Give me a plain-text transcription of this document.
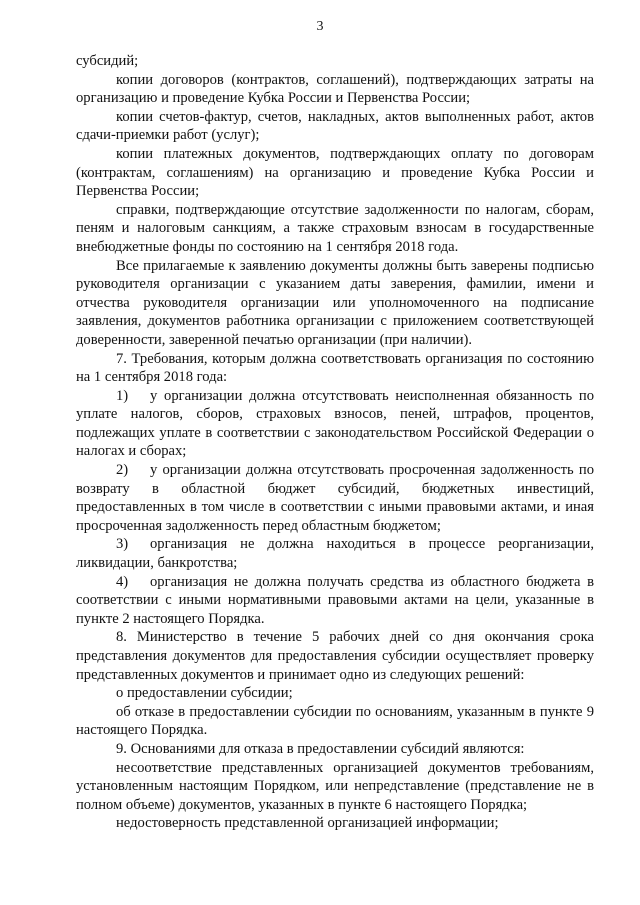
3

субсидий;

копии договоров (контрактов, соглашений), подтверждающих затраты на организацию и проведение Кубка России и Первенства России;

копии счетов-фактур, счетов, накладных, актов выполненных работ, актов сдачи-приемки работ (услуг);

копии платежных документов, подтверждающих оплату по договорам (контрактам, соглашениям) на организацию и проведение Кубка России и Первенства России;

справки, подтверждающие отсутствие задолженности по налогам, сборам, пеням и налоговым санкциям, а также страховым взносам в государственные внебюджетные фонды по состоянию на 1 сентября 2018 года.

Все прилагаемые к заявлению документы должны быть заверены подписью руководителя организации с указанием даты заверения, фамилии, имени и отчества руководителя организации или уполномоченного на подписание заявления, документов работника организации с приложением соответствующей доверенности, заверенной печатью организации (при наличии).

7. Требования, которым должна соответствовать организация по состоянию на 1 сентября 2018 года:

1) у организации должна отсутствовать неисполненная обязанность по уплате налогов, сборов, страховых взносов, пеней, штрафов, процентов, подлежащих уплате в соответствии с законодательством Российской Федерации о налогах и сборах;

2) у организации должна отсутствовать просроченная задолженность по возврату в областной бюджет субсидий, бюджетных инвестиций, предоставленных в том числе в соответствии с иными правовыми актами, и иная просроченная задолженность перед областным бюджетом;

3) организация не должна находиться в процессе реорганизации, ликвидации, банкротства;

4) организация не должна получать средства из областного бюджета в соответствии с иными нормативными правовыми актами на цели, указанные в пункте 2 настоящего Порядка.

8. Министерство в течение 5 рабочих дней со дня окончания срока представления документов для предоставления субсидии осуществляет проверку представленных документов и принимает одно из следующих решений:

о предоставлении субсидии;

об отказе в предоставлении субсидии по основаниям, указанным в пункте 9 настоящего Порядка.

9. Основаниями для отказа в предоставлении субсидий являются:

несоответствие представленных организацией документов требованиям, установленным настоящим Порядком, или непредставление (представление не в полном объеме) документов, указанных в пункте 6 настоящего Порядка;

недостоверность представленной организацией информации;
